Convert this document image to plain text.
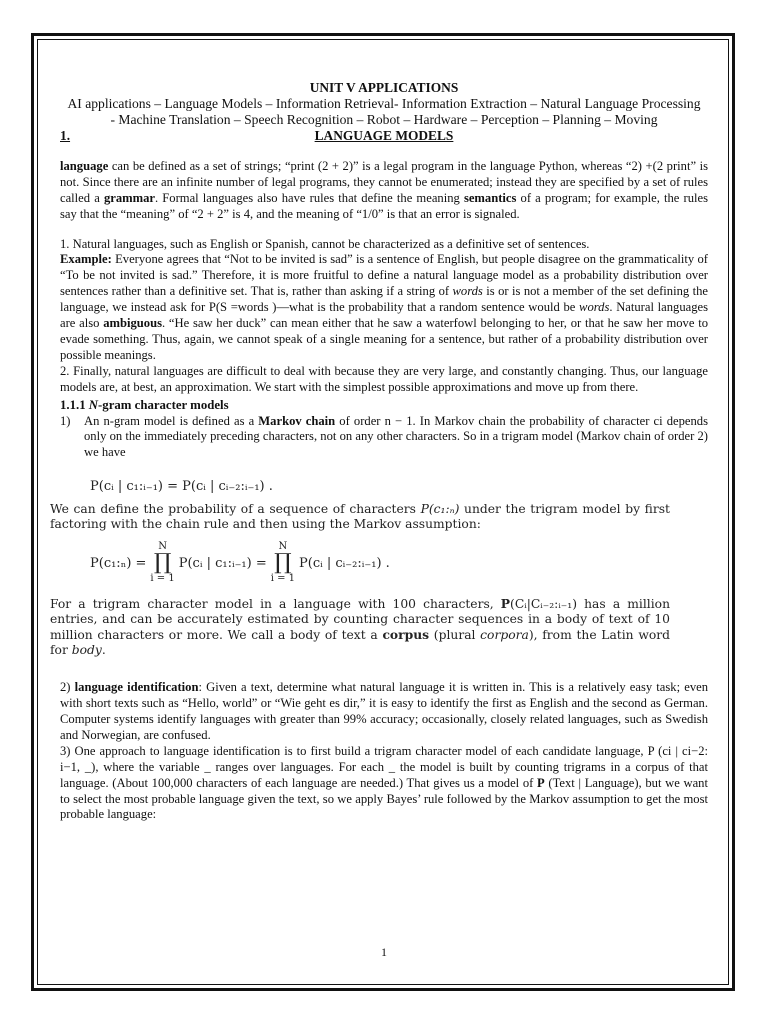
UNIT V APPLICATIONS
AI applications – Language Models – Information Retrieval- Information Extraction – Natural Language Processing
- Machine Translation – Speech Recognition – Robot – Hardware – Perception – Planning – Moving
LANGUAGE MODELS
1.

language can be defined as a set of strings; “print (2 + 2)” is a legal program in the language Python, whereas “2) +(2 print” is not. Since there are an infinite number of legal programs, they cannot be enumerated; instead they are specified by a set of rules called a grammar. Formal languages also have rules that define the meaning semantics of a program; for example, the rules say that the “meaning” of “2 + 2” is 4, and the meaning of “1/0” is that an error is signaled.

1. Natural languages, such as English or Spanish, cannot be characterized as a definitive set of sentences.

Example: Everyone agrees that “Not to be invited is sad” is a sentence of English, but people disagree on the grammaticality of “To be not invited is sad.” Therefore, it is more fruitful to define a natural language model as a probability distribution over sentences rather than a definitive set. That is, rather than asking if a string of words is or is not a member of the set defining the language, we instead ask for P(S =words )—what is the probability that a random sentence would be words. Natural languages are also ambiguous. “He saw her duck” can mean either that he saw a waterfowl belonging to her, or that he saw her move to evade something. Thus, again, we cannot speak of a single meaning for a sentence, but rather of a probability distribution over possible meanings.

2. Finally, natural languages are difficult to deal with because they are very large, and constantly changing. Thus, our language models are, at best, an approximation. We start with the simplest possible approximations and move up from there.

1.1.1 N-gram character models
1)	An n-gram model is defined as a Markov chain of order n − 1. In Markov chain the probability of character ci depends only on the immediately preceding characters, not on any other characters. So in a trigram model (Markov chain of order 2) we have
P(cᵢ | c₁:ᵢ₋₁) = P(cᵢ | cᵢ₋₂:ᵢ₋₁) .

We can define the probability of a sequence of characters P(c₁:ₙ) under the trigram model by first factoring with the chain rule and then using the Markov assumption:

P(c₁:ₙ) =
N
∏
i = 1
P(cᵢ | c₁:ᵢ₋₁) =
N
∏
i = 1
P(cᵢ | cᵢ₋₂:ᵢ₋₁) .

For a trigram character model in a language with 100 characters, P(Cᵢ|Cᵢ₋₂:ᵢ₋₁) has a million entries, and can be accurately estimated by counting character sequences in a body of text of 10 million characters or more. We call a body of text a corpus (plural corpora), from the Latin word for body.

2) language identification: Given a text, determine what natural language it is written in. This is a relatively easy task; even with short texts such as “Hello, world” or “Wie geht es dir,” it is easy to identify the first as English and the second as German. Computer systems identify languages with greater than 99% accuracy; occasionally, closely related languages, such as Swedish and Norwegian, are confused.

3) One approach to language identification is to first build a trigram character model of each candidate language, P (ci | ci−2: i−1, _), where the variable _ ranges over languages. For each _ the model is built by counting trigrams in a corpus of that language. (About 100,000 characters of each language are needed.) That gives us a model of P (Text | Language), but we want to select the most probable language given the text, so we apply Bayes’ rule followed by the Markov assumption to get the most probable language:

1
